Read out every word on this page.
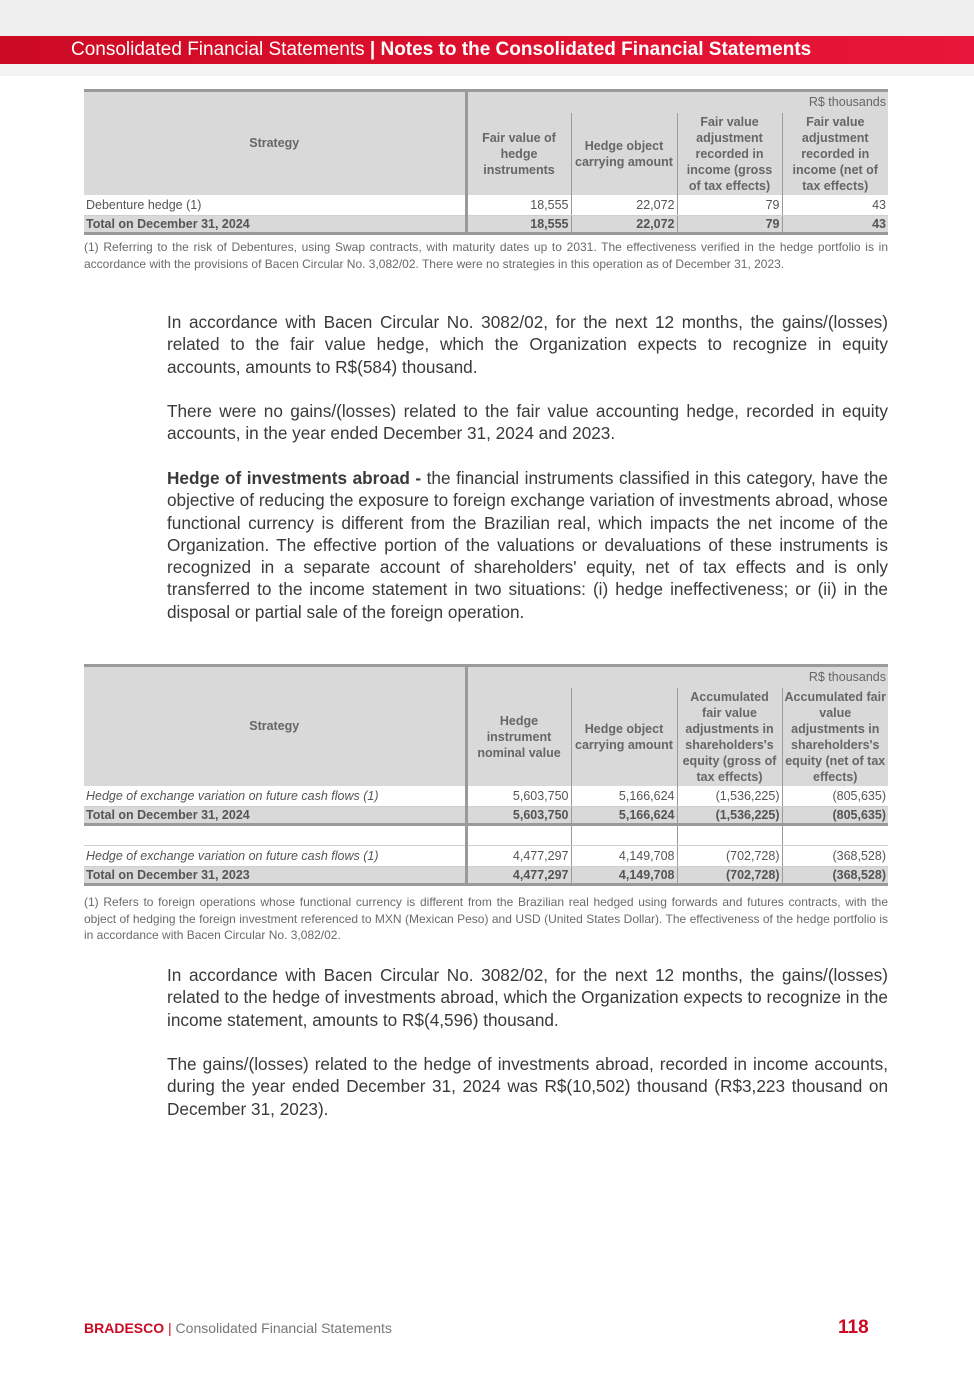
Consolidated Financial Statements | Notes to the Consolidated Financial Statements
Strategy	R$ thousands			
	Fair value of hedge instruments	Hedge object carrying amount	Fair value adjustment recorded in income (gross of tax effects)	Fair value adjustment recorded in income (net of tax effects)
Debenture hedge (1)	18,555	22,072	79	43
Total on December 31, 2024	18,555	22,072	79	43
(1) Referring to the risk of Debentures, using Swap contracts, with maturity dates up to 2031. The effectiveness verified in the hedge portfolio is in accordance with the provisions of Bacen Circular No. 3,082/02. There were no strategies in this operation as of December 31, 2023.
In accordance with Bacen Circular No. 3082/02, for the next 12 months, the gains/(losses) related to the fair value hedge, which the Organization expects to recognize in equity accounts, amounts to R$(584) thousand.
There were no gains/(losses) related to the fair value accounting hedge, recorded in equity accounts, in the year ended December 31, 2024 and 2023.
Hedge of investments abroad - the financial instruments classified in this category, have the objective of reducing the exposure to foreign exchange variation of investments abroad, whose functional currency is different from the Brazilian real, which impacts the net income of the Organization. The effective portion of the valuations or devaluations of these instruments is recognized in a separate account of shareholders' equity, net of tax effects and is only transferred to the income statement in two situations: (i) hedge ineffectiveness; or (ii) in the disposal or partial sale of the foreign operation.
Strategy	R$ thousands			
	Hedge instrument nominal value	Hedge object carrying amount	Accumulated fair value adjustments in shareholders's equity (gross of tax effects)	Accumulated fair value adjustments in shareholders's equity (net of tax effects)
Hedge of exchange variation on future cash flows (1)	5,603,750	5,166,624	(1,536,225)	(805,635)
Total on December 31, 2024	5,603,750	5,166,624	(1,536,225)	(805,635)

Hedge of exchange variation on future cash flows (1)	4,477,297	4,149,708	(702,728)	(368,528)
Total on December 31, 2023	4,477,297	4,149,708	(702,728)	(368,528)
(1) Refers to foreign operations whose functional currency is different from the Brazilian real hedged using forwards and futures contracts, with the object of hedging the foreign investment referenced to MXN (Mexican Peso) and USD (United States Dollar). The effectiveness of the hedge portfolio is in accordance with Bacen Circular No. 3,082/02.
In accordance with Bacen Circular No. 3082/02, for the next 12 months, the gains/(losses) related to the hedge of investments abroad, which the Organization expects to recognize in the income statement, amounts to R$(4,596) thousand.
The gains/(losses) related to the hedge of investments abroad, recorded in income accounts, during the year ended December 31, 2024 was R$(10,502) thousand (R$3,223 thousand on December 31, 2023).
BRADESCO | Consolidated Financial Statements	118
